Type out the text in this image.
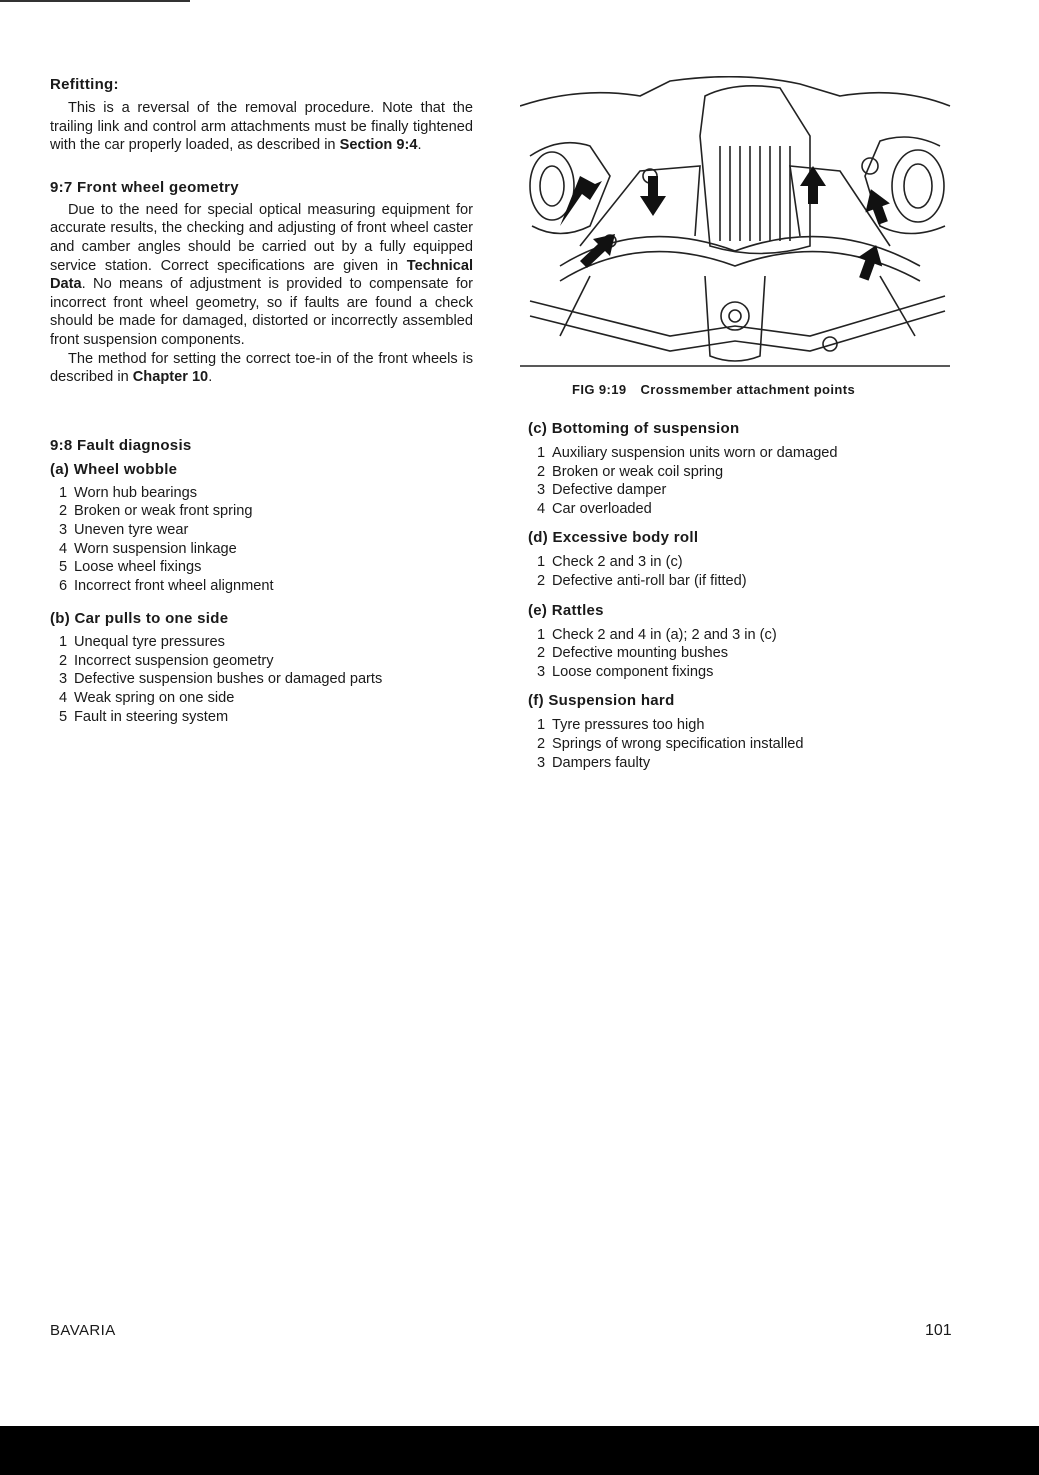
Refitting:

This is a reversal of the removal procedure. Note that the trailing link and control arm attachments must be finally tightened with the car properly loaded, as described in Section 9:4.

9:7 Front wheel geometry

Due to the need for special optical measuring equipment for accurate results, the checking and adjusting of front wheel caster and camber angles should be carried out by a fully equipped service station. Correct specifications are given in Technical Data. No means of adjustment is provided to compensate for incorrect front wheel geometry, so if faults are found a check should be made for damaged, distorted or incorrectly assembled front suspension components.

The method for setting the correct toe-in of the front wheels is described in Chapter 10.

9:8 Fault diagnosis
(a) Wheel wobble
1 Worn hub bearings
2 Broken or weak front spring
3 Uneven tyre wear
4 Worn suspension linkage
5 Loose wheel fixings
6 Incorrect front wheel alignment
(b) Car pulls to one side
1 Unequal tyre pressures
2 Incorrect suspension geometry
3 Defective suspension bushes or damaged parts
4 Weak spring on one side
5 Fault in steering system
FIG 9:19 Crossmember attachment points
(c) Bottoming of suspension
1 Auxiliary suspension units worn or damaged
2 Broken or weak coil spring
3 Defective damper
4 Car overloaded
(d) Excessive body roll
1 Check 2 and 3 in (c)
2 Defective anti-roll bar (if fitted)
(e) Rattles
1 Check 2 and 4 in (a); 2 and 3 in (c)
2 Defective mounting bushes
3 Loose component fixings
(f) Suspension hard
1 Tyre pressures too high
2 Springs of wrong specification installed
3 Dampers faulty
BAVARIA	101
